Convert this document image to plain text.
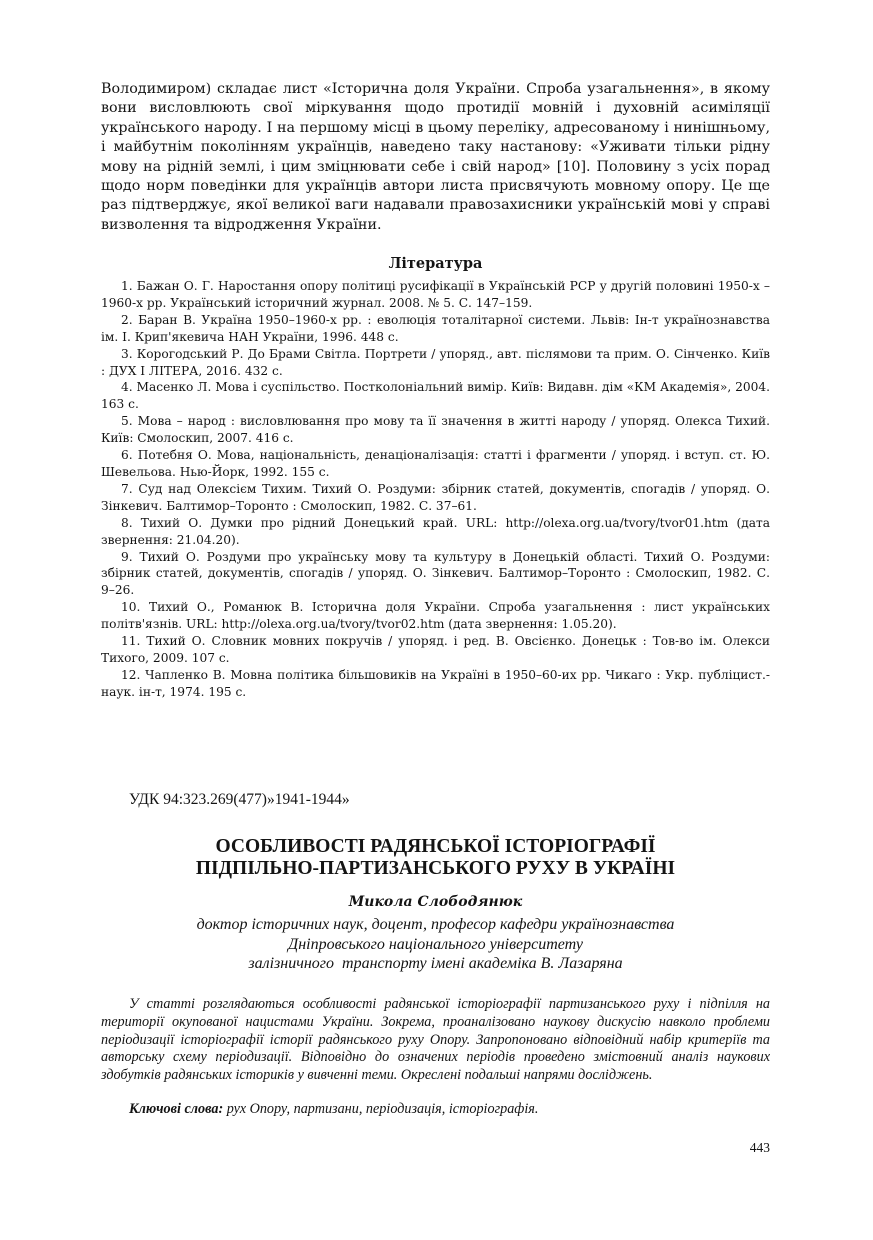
Володимиром) складає лист «Історична доля України. Спроба узагальнення», в якому вони висловлюють свої міркування щодо протидії мовній і духовній асиміляції українського народу. І на першому місці в цьому переліку, адресованому і нинішньому, і майбутнім поколінням українців, наведено таку настанову: «Уживати тільки рідну мову на рідній землі, і цим зміцнювати себе і свій народ» [10]. Половину з усіх порад щодо норм поведінки для українців автори листа присвячують мовному опору. Це ще раз підтверджує, якої великої ваги надавали правозахисники українській мові у справі визволення та відродження України.

Література
1. Бажан О. Г. Наростання опору політиці русифікації в Українській РСР у другій половині 1950-х – 1960-х рр. Український історичний журнал. 2008. № 5. С. 147–159.
2. Баран В. Україна 1950–1960-х рр. : еволюція тоталітарної системи. Львів: Ін-т українознавства ім. І. Крип'якевича НАН України, 1996. 448 с.
3. Корогодський Р. До Брами Світла. Портрети / упоряд., авт. післямови та прим. О. Сінченко. Київ : ДУХ І ЛІТЕРА, 2016. 432 с.
4. Масенко Л. Мова і суспільство. Постколоніальний вимір. Київ: Видавн. дім «КМ Академія», 2004. 163 с.
5. Мова – народ : висловлювання про мову та її значення в житті народу / упоряд. Олекса Тихий. Київ: Смолоскип, 2007. 416 с.
6. Потебня О. Мова, національність, денаціоналізація: статті і фрагменти / упоряд. і вступ. ст. Ю. Шевельова. Нью-Йорк, 1992. 155 с.
7. Суд над Олексієм Тихим. Тихий О. Роздуми: збірник статей, документів, спогадів / упоряд. О. Зінкевич. Балтимор–Торонто : Смолоскип, 1982. С. 37–61.
8. Тихий О. Думки про рідний Донецький край. URL: http://olexa.org.ua/tvory/tvor01.htm (дата звернення: 21.04.20).
9. Тихий О. Роздуми про українську мову та культуру в Донецькій області. Тихий О. Роздуми: збірник статей, документів, спогадів / упоряд. О. Зінкевич. Балтимор–Торонто : Смолоскип, 1982. С. 9–26.
10. Тихий О., Романюк В. Історична доля України. Спроба узагальнення : лист українських політв'язнів. URL: http://olexa.org.ua/tvory/tvor02.htm (дата звернення: 1.05.20).
11. Тихий О. Словник мовних покручів / упоряд. і ред. В. Овсієнко. Донецьк : Тов-во ім. Олекси Тихого, 2009. 107 с.
12. Чапленко В. Мовна політика більшовиків на Україні в 1950–60-их рр. Чикаго : Укр. публіцист.-наук. ін-т, 1974. 195 с.

УДК 94:323.269(477)»1941-1944»

ОСОБЛИВОСТІ РАДЯНСЬКОЇ ІСТОРІОГРАФІЇ
ПІДПІЛЬНО-ПАРТИЗАНСЬКОГО РУХУ В УКРАЇНІ

Микола Слободянюк

доктор історичних наук, доцент, професор кафедри українознавства
Дніпровського національного університету
залізничного  транспорту імені академіка В. Лазаряна

У статті розглядаються особливості радянської історіографії партизанського руху і підпілля на території окупованої нацистами України. Зокрема, проаналізовано наукову дискусію навколо проблеми періодизації історіографії історії радянського руху Опору. Запропоновано відповідний набір критеріїв та авторську схему періодизації. Відповідно до означених періодів проведено змістовний аналіз наукових здобутків радянських істориків у вивченні теми. Окреслені подальші напрями досліджень.

Ключові слова: рух Опору, партизани, періодизація, історіографія.

443
